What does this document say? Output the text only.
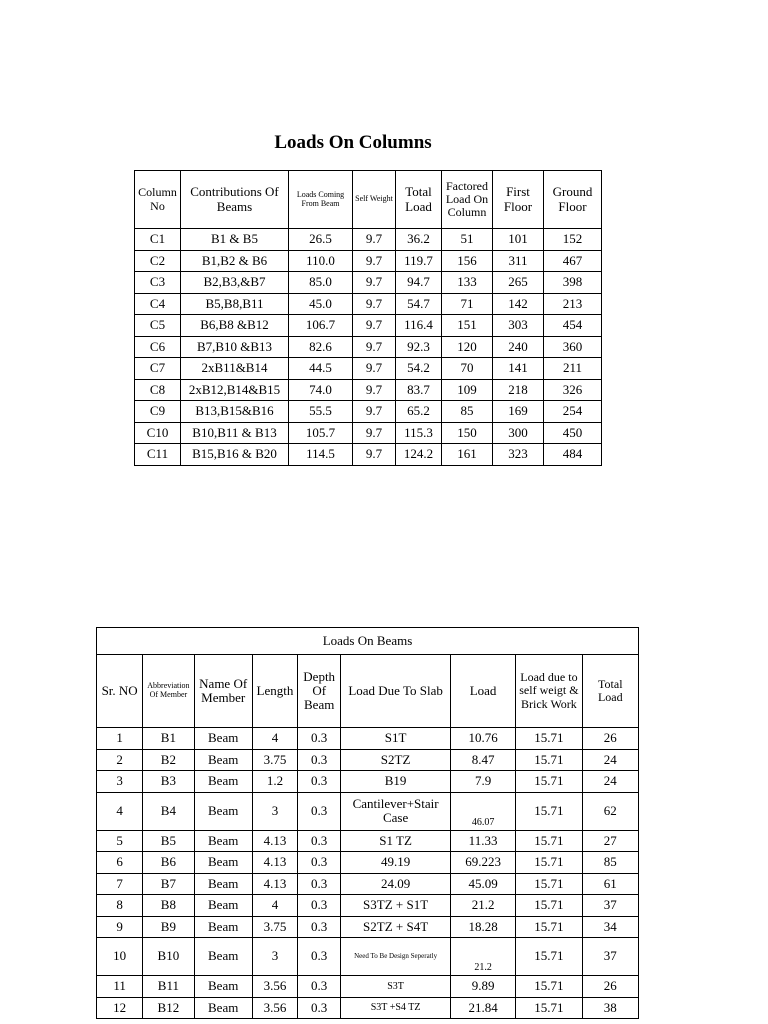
Loads On Columns
Column No	Contributions Of Beams	Loads Coming From Beam	Self Weight	Total Load	Factored Load On Column	First Floor	Ground Floor
C1	B1 & B5	26.5	9.7	36.2	51	101	152
C2	B1,B2 & B6	110.0	9.7	119.7	156	311	467
C3	B2,B3,&B7	85.0	9.7	94.7	133	265	398
C4	B5,B8,B11	45.0	9.7	54.7	71	142	213
C5	B6,B8 &B12	106.7	9.7	116.4	151	303	454
C6	B7,B10 &B13	82.6	9.7	92.3	120	240	360
C7	2xB11&B14	44.5	9.7	54.2	70	141	211
C8	2xB12,B14&B15	74.0	9.7	83.7	109	218	326
C9	B13,B15&B16	55.5	9.7	65.2	85	169	254
C10	B10,B11 & B13	105.7	9.7	115.3	150	300	450
C11	B15,B16 & B20	114.5	9.7	124.2	161	323	484
Loads On Beams								
Sr. NO	Abbreviation Of Member	Name Of Member	Length	Depth Of Beam	Load Due To Slab	Load	Load due to self weigt & Brick Work	Total Load
1	B1	Beam	4	0.3	S1T	10.76	15.71	26
2	B2	Beam	3.75	0.3	S2TZ	8.47	15.71	24
3	B3	Beam	1.2	0.3	B19	7.9	15.71	24
4	B4	Beam	3	0.3	Cantilever+Stair Case	46.07	15.71	62
5	B5	Beam	4.13	0.3	S1 TZ	11.33	15.71	27
6	B6	Beam	4.13	0.3	49.19	69.223	15.71	85
7	B7	Beam	4.13	0.3	24.09	45.09	15.71	61
8	B8	Beam	4	0.3	S3TZ + S1T	21.2	15.71	37
9	B9	Beam	3.75	0.3	S2TZ + S4T	18.28	15.71	34
10	B10	Beam	3	0.3	Need To Be Design Seperatly	21.2	15.71	37
11	B11	Beam	3.56	0.3	S3T	9.89	15.71	26
12	B12	Beam	3.56	0.3	S3T +S4 TZ	21.84	15.71	38
